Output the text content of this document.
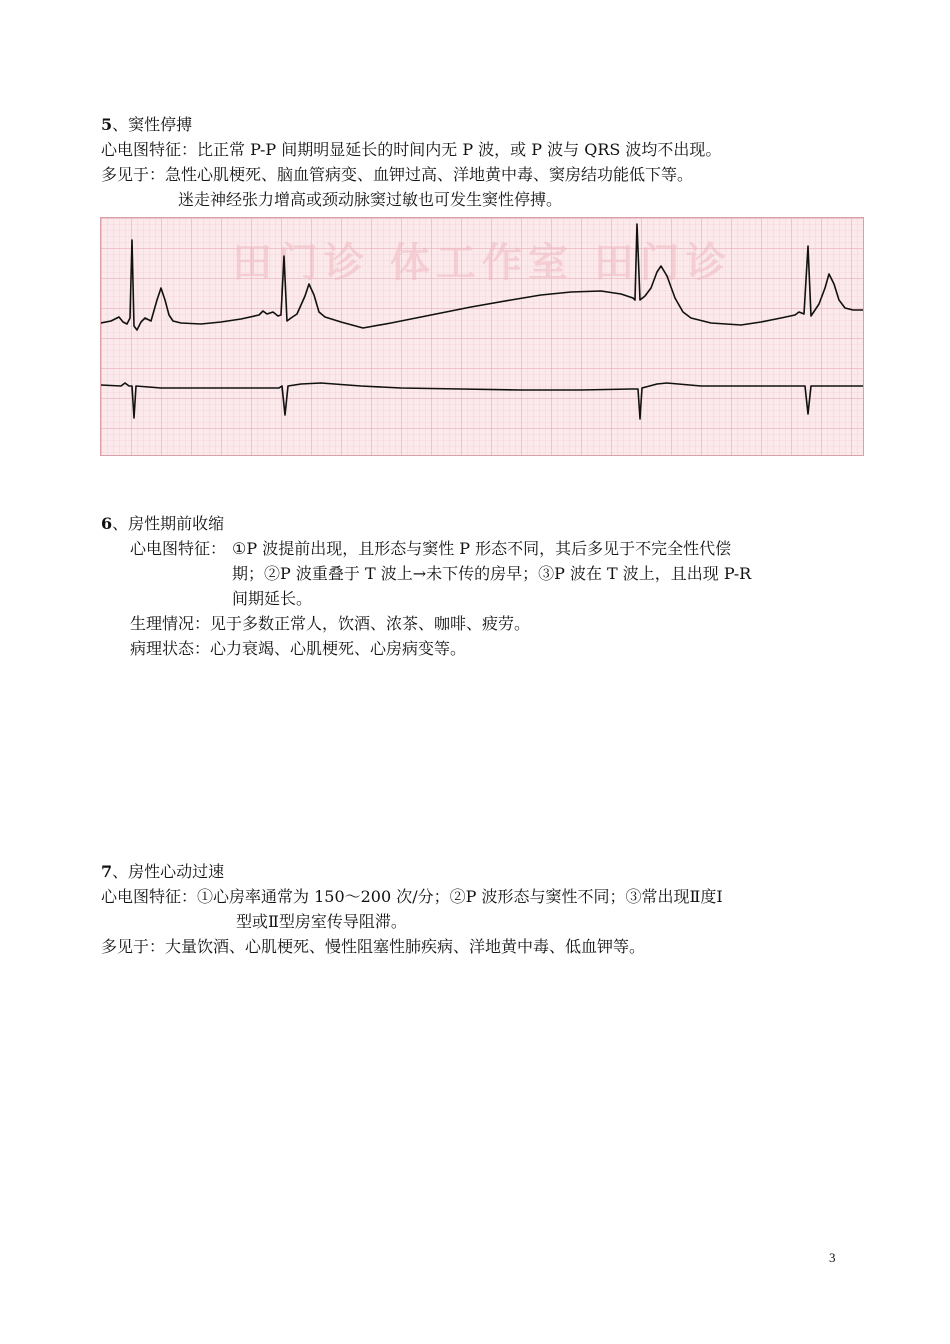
5、窦性停搏
心电图特征：比正常 P-P 间期明显延长的时间内无 P 波，或 P 波与 QRS 波均不出现。
多见于：急性心肌梗死、脑血管病变、血钾过高、洋地黄中毒、窦房结功能低下等。
迷走神经张力增高或颈动脉窦过敏也可发生窦性停搏。
田门诊 体工作室 田门诊
6、房性期前收缩
心电图特征： ①P 波提前出现，且形态与窦性 P 形态不同，其后多见于不完全性代偿
期；②P 波重叠于 T 波上→未下传的房早；③P 波在 T 波上，且出现 P-R
间期延长。
生理情况：见于多数正常人，饮酒、浓茶、咖啡、疲劳。
病理状态：心力衰竭、心肌梗死、心房病变等。
7、房性心动过速
心电图特征：①心房率通常为 150～200 次/分；②P 波形态与窦性不同；③常出现Ⅱ度Ⅰ
型或Ⅱ型房室传导阻滞。
多见于：大量饮酒、心肌梗死、慢性阻塞性肺疾病、洋地黄中毒、低血钾等。
3
